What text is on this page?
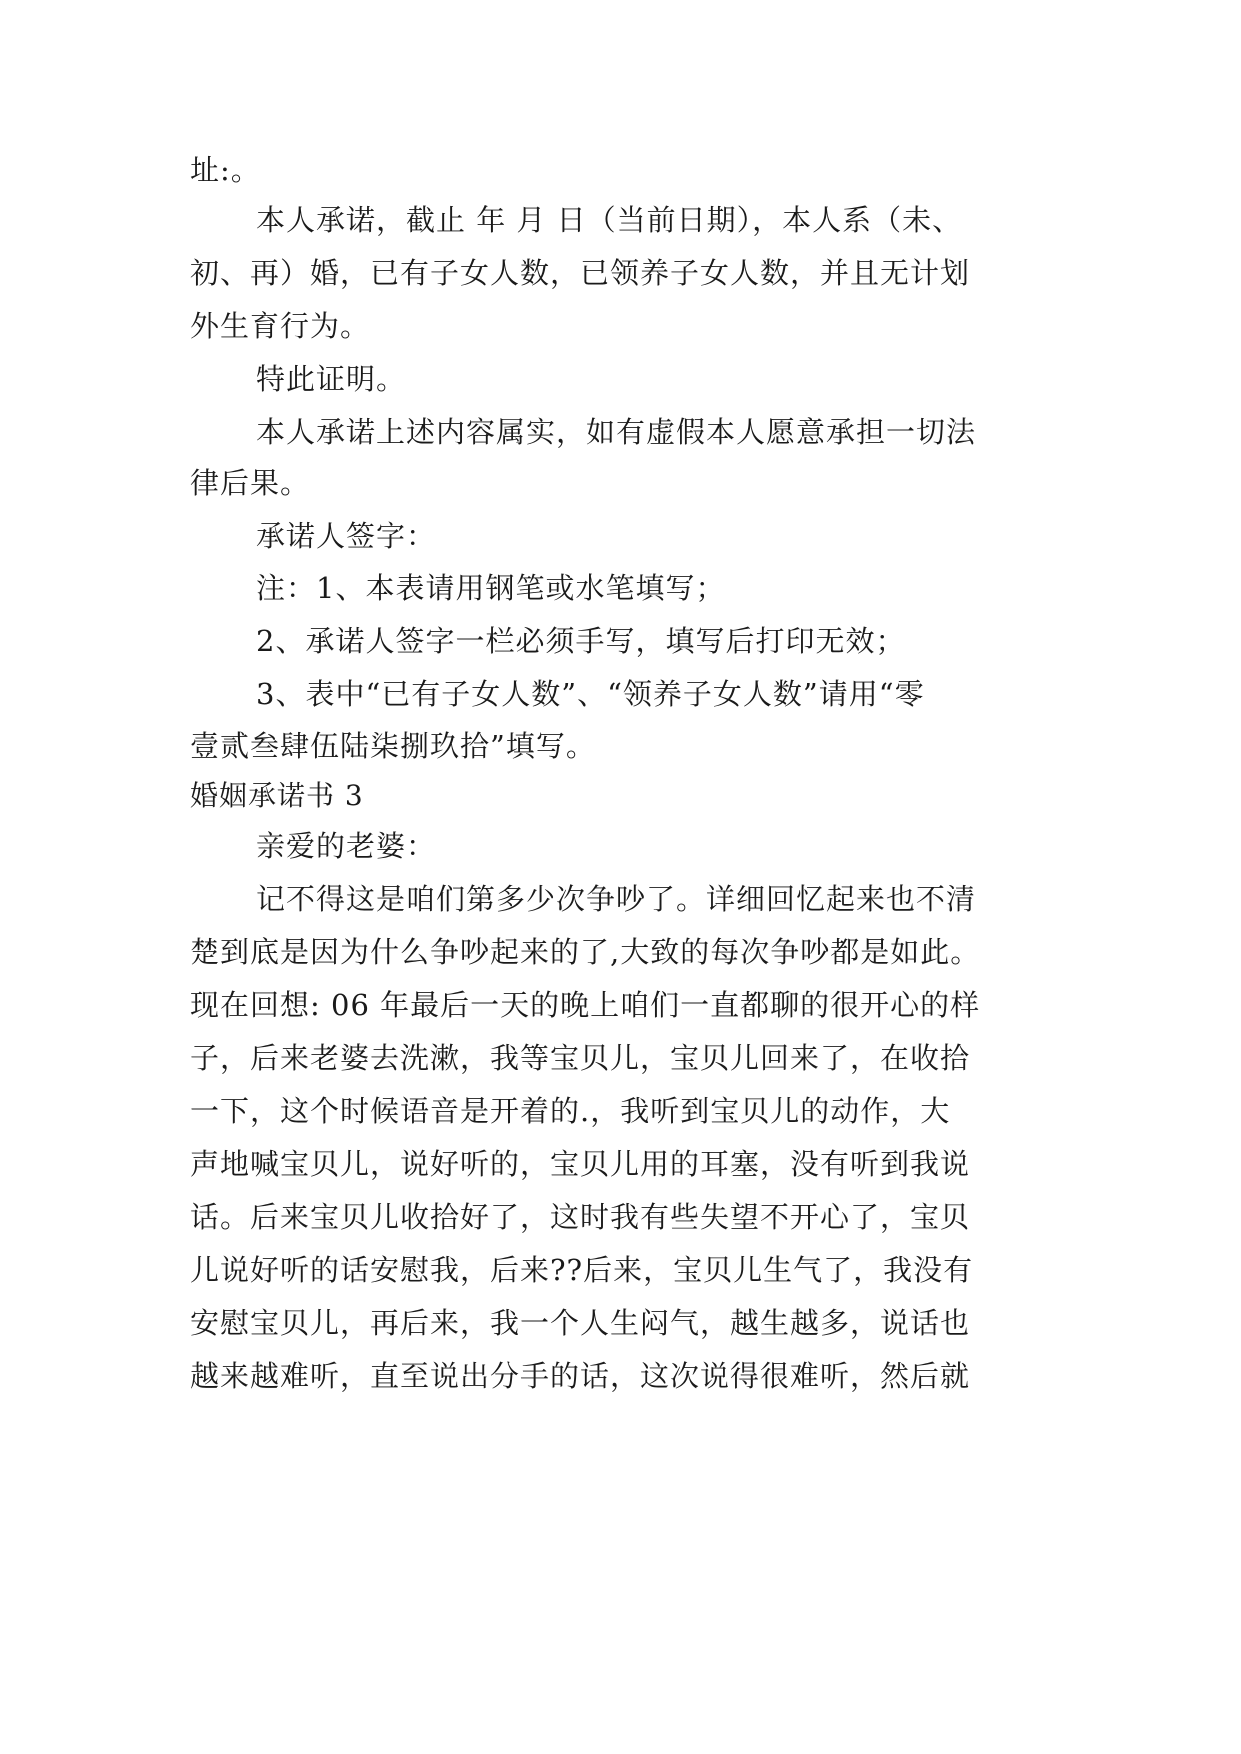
址:。
本人承诺，截止 年 月 日（当前日期），本人系（未、
初、再）婚，已有子女人数，已领养子女人数，并且无计划
外生育行为。
特此证明。
本人承诺上述内容属实，如有虚假本人愿意承担一切法
律后果。
承诺人签字：
注：1、本表请用钢笔或水笔填写；
2、承诺人签字一栏必须手写，填写后打印无效；
3、表中“已有子女人数”、“领养子女人数”请用“零
壹贰叁肆伍陆柒捌玖拾”填写。
婚姻承诺书 3
亲爱的老婆：
记不得这是咱们第多少次争吵了。详细回忆起来也不清
楚到底是因为什么争吵起来的了,大致的每次争吵都是如此。
现在回想: 06 年最后一天的晚上咱们一直都聊的很开心的样
子，后来老婆去洗漱，我等宝贝儿，宝贝儿回来了，在收拾
一下，这个时候语音是开着的.，我听到宝贝儿的动作，大
声地喊宝贝儿，说好听的，宝贝儿用的耳塞，没有听到我说
话。后来宝贝儿收拾好了，这时我有些失望不开心了，宝贝
儿说好听的话安慰我，后来??后来，宝贝儿生气了，我没有
安慰宝贝儿，再后来，我一个人生闷气，越生越多，说话也
越来越难听，直至说出分手的话，这次说得很难听，然后就
